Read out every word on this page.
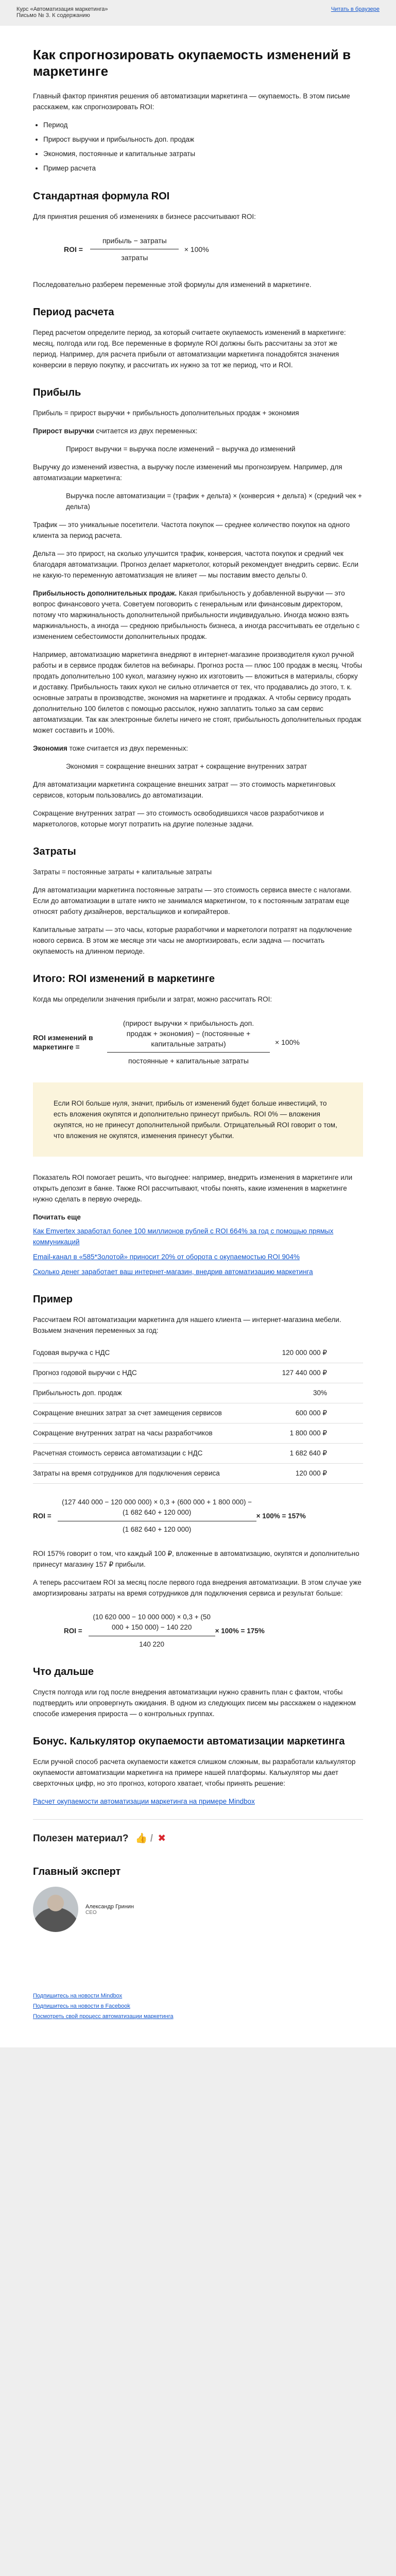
Курс «Автоматизация маркетинга»
Письмо № 3. К содержанию
Читать в браузере
Как спрогнозировать окупаемость изменений в маркетинге

Главный фактор принятия решения об автоматизации маркетинга — окупаемость. В этом письме расскажем, как спрогнозировать ROI:

• Период
• Прирост выручки и прибыльность доп. продаж
• Экономия, постоянные и капитальные затраты
• Пример расчета
Стандартная формула ROI

Для принятия решения об изменениях в бизнесе рассчитывают ROI:

ROI = $\frac{\text{прибыль − затраты}}{\text{затраты}} \times 100\%$

Последовательно разберем переменные этой формулы для изменений в маркетинге.

Период расчета

Перед расчетом определите период, за который считаете окупаемость изменений в маркетинге: месяц, полгода или год. Все переменные в формуле ROI должны быть рассчитаны за этот же период. Например, для расчета прибыли от автоматизации маркетинга понадобятся значения конверсии в первую покупку, и рассчитать их нужно за тот же период, что и ROI.

Прибыль

Прибыль = прирост выручки + прибыльность дополнительных продаж + экономия

Прирост выручки считается из двух переменных:

Прирост выручки = выручка после изменений − выручка до изменений

Выручку до изменений известна, а выручку после изменений мы прогнозируем. Например, для автоматизации маркетинга:

Выручка после автоматизации = (трафик + дельта) × (конверсия + дельта) × (средний чек + дельта)

Трафик — это уникальные посетители. Частота покупок — среднее количество покупок на одного клиента за период расчета.

Дельта — это прирост, на сколько улучшится трафик, конверсия, частота покупок и средний чек благодаря автоматизации. Прогноз делает маркетолог, который рекомендует внедрить сервис. Если не какую-то переменную автоматизация не влияет — мы поставим вместо дельты 0.

Прибыльность дополнительных продаж. Какая прибыльность у добавленной выручки — это вопрос финансового учета. Советуем поговорить с генеральным или финансовым директором, потому что маржинальность дополнительной прибыльности индивидуально. Иногда можно взять маржинальность, а иногда — среднюю прибыльность бизнеса, а иногда рассчитывать ее отдельно с изменением себестоимости дополнительных продаж.

Например, автоматизацию маркетинга внедряют в интернет-магазине производителя кукол ручной работы и в сервисе продаж билетов на вебинары. Прогноз роста — плюс 100 продаж в месяц. Чтобы продать дополнительно 100 кукол, магазину нужно их изготовить — вложиться в материалы, сборку и доставку. Прибыльность таких кукол не сильно отличается от тех, что продавались до этого, т. к. основные затраты в производстве, экономия на маркетинге и продажах. А чтобы сервису продать дополнительно 100 билетов с помощью рассылок, нужно заплатить только за сам сервис автоматизации. Так как электронные билеты ничего не стоят, прибыльность дополнительных продаж может составить и 100%.

Экономия тоже считается из двух переменных:

Экономия = сокращение внешних затрат + сокращение внутренних затрат

Для автоматизации маркетинга сокращение внешних затрат — это стоимость маркетинговых сервисов, которым пользовались до автоматизации.

Сокращение внутренних затрат — это стоимость освободившихся часов разработчиков и маркетологов, которые могут потратить на другие полезные задачи.

Затраты

Затраты = постоянные затраты + капитальные затраты

Для автоматизации маркетинга постоянные затраты — это стоимость сервиса вместе с налогами. Если до автоматизации в штате никто не занимался маркетингом, то к постоянным затратам еще относят работу дизайнеров, верстальщиков и копирайтеров.

Капитальные затраты — это часы, которые разработчики и маркетологи потратят на подключение нового сервиса. В этом же месяце эти часы не амортизировать, если задача — посчитать окупаемость на длинном периоде.

Итого: ROI изменений в маркетинге

Когда мы определили значения прибыли и затрат, можно рассчитать ROI:

ROI изменений в маркетинге =
(прирост выручки × прибыльность доп. продаж + экономия) − (постоянные + капитальные затраты)
постоянные + капитальные затраты
× 100%

Если ROI больше нуля, значит, прибыль от изменений будет больше инвестиций, то есть вложения окупятся и дополнительно принесут прибыль. ROI 0% — вложения окупятся, но не принесут дополнительной прибыли. Отрицательный ROI говорит о том, что вложения не окупятся, изменения принесут убытки.

Показатель ROI помогает решить, что выгоднее: например, внедрить изменения в маркетинге или открыть депозит в банке. Также ROI рассчитывают, чтобы понять, какие изменения в маркетинге нужно сделать в первую очередь.

Почитать еще

Как Emvertex заработал более 100 миллионов рублей с ROI 664% за год с помощью прямых коммуникаций

Email-канал в «585*Золотой» приносит 20% от оборота с окупаемостью ROI 904%

Сколько денег заработает ваш интернет-магазин, внедрив автоматизацию маркетинга

Пример

Рассчитаем ROI автоматизации маркетинга для нашего клиента — интернет-магазина мебели. Возьмем значения переменных за год:

Годовая выручка с НДС	120 000 000 ₽
Прогноз годовой выручки с НДС	127 440 000 ₽
Прибыльность доп. продаж	30%
Сокращение внешних затрат за счет замещения сервисов	600 000 ₽
Сокращение внутренних затрат на часы разработчиков	1 800 000 ₽
Расчетная стоимость сервиса автоматизации с НДС	1 682 640 ₽
Затраты на время сотрудников для подключения сервиса	120 000 ₽
ROI =
(127 440 000 − 120 000 000) × 0,3 + (600 000 + 1 800 000) − (1 682 640 + 120 000)
(1 682 640 + 120 000)
× 100% = 157%

ROI 157% говорит о том, что каждый 100 ₽, вложенные в автоматизацию, окупятся и дополнительно принесут магазину 157 ₽ прибыли.

А теперь рассчитаем ROI за месяц после первого года внедрения автоматизации. В этом случае уже амортизированы затраты на время сотрудников для подключения сервиса и результат больше:

ROI =
(10 620 000 − 10 000 000) × 0,3 + (50 000 + 150 000) − 140 220
140 220
× 100% = 175%
Что дальше

Спустя полгода или год после внедрения автоматизации нужно сравнить план с фактом, чтобы подтвердить или опровергнуть ожидания. В одном из следующих писем мы расскажем о надежном способе измерения прироста — о контрольных группах.

Бонус. Калькулятор окупаемости автоматизации маркетинга

Если ручной способ расчета окупаемости кажется слишком сложным, вы разработали калькулятор окупаемости автоматизации маркетинга на примере нашей платформы. Калькулятор мы дает сверхточных цифр, но это прогноз, которого хватает, чтобы принять решение:

Расчет окупаемости автоматизации маркетинга на примере Mindbox

Полезен материал? 👍 / ✖
Главный эксперт
Александр Гринин
CEO
Подпишитесь на новости Mindbox
Подпишитесь на новости в Facebook
Посмотреть свой процесс автоматизации маркетинга
